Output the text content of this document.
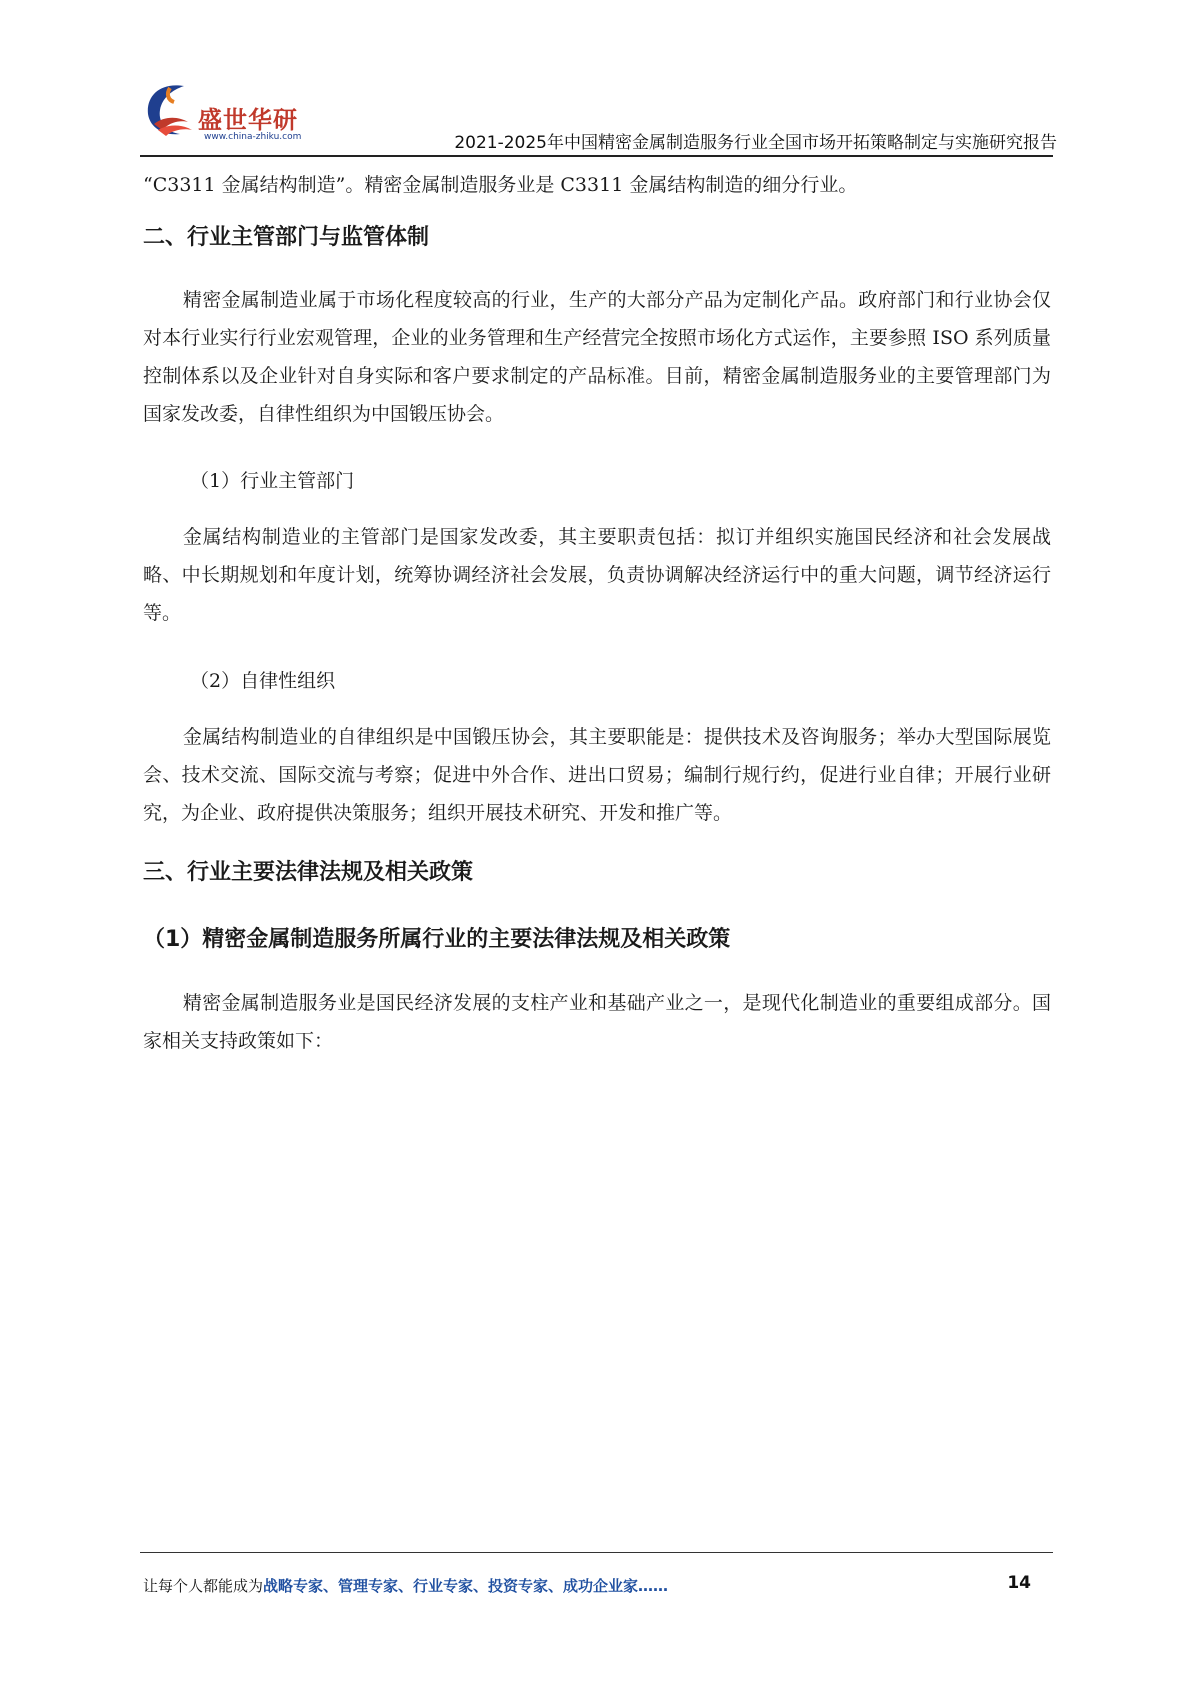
盛世华研
www.china-zhiku.com	2021-2025年中国精密金属制造服务行业全国市场开拓策略制定与实施研究报告

“C3311 金属结构制造”。精密金属制造服务业是 C3311 金属结构制造的细分行业。

二、行业主管部门与监管体制

精密金属制造业属于市场化程度较高的行业，生产的大部分产品为定制化产品。政府部门和行业协会仅对本行业实行行业宏观管理，企业的业务管理和生产经营完全按照市场化方式运作，主要参照 ISO 系列质量控制体系以及企业针对自身实际和客户要求制定的产品标准。目前，精密金属制造服务业的主要管理部门为国家发改委，自律性组织为中国锻压协会。

（1）行业主管部门

金属结构制造业的主管部门是国家发改委，其主要职责包括：拟订并组织实施国民经济和社会发展战略、中长期规划和年度计划，统筹协调经济社会发展，负责协调解决经济运行中的重大问题，调节经济运行等。

（2）自律性组织

金属结构制造业的自律组织是中国锻压协会，其主要职能是：提供技术及咨询服务；举办大型国际展览会、技术交流、国际交流与考察；促进中外合作、进出口贸易；编制行规行约，促进行业自律；开展行业研究，为企业、政府提供决策服务；组织开展技术研究、开发和推广等。

三、行业主要法律法规及相关政策
（1）精密金属制造服务所属行业的主要法律法规及相关政策

精密金属制造服务业是国民经济发展的支柱产业和基础产业之一，是现代化制造业的重要组成部分。国家相关支持政策如下：

让每个人都能成为战略专家、管理专家、行业专家、投资专家、成功企业家……	14
